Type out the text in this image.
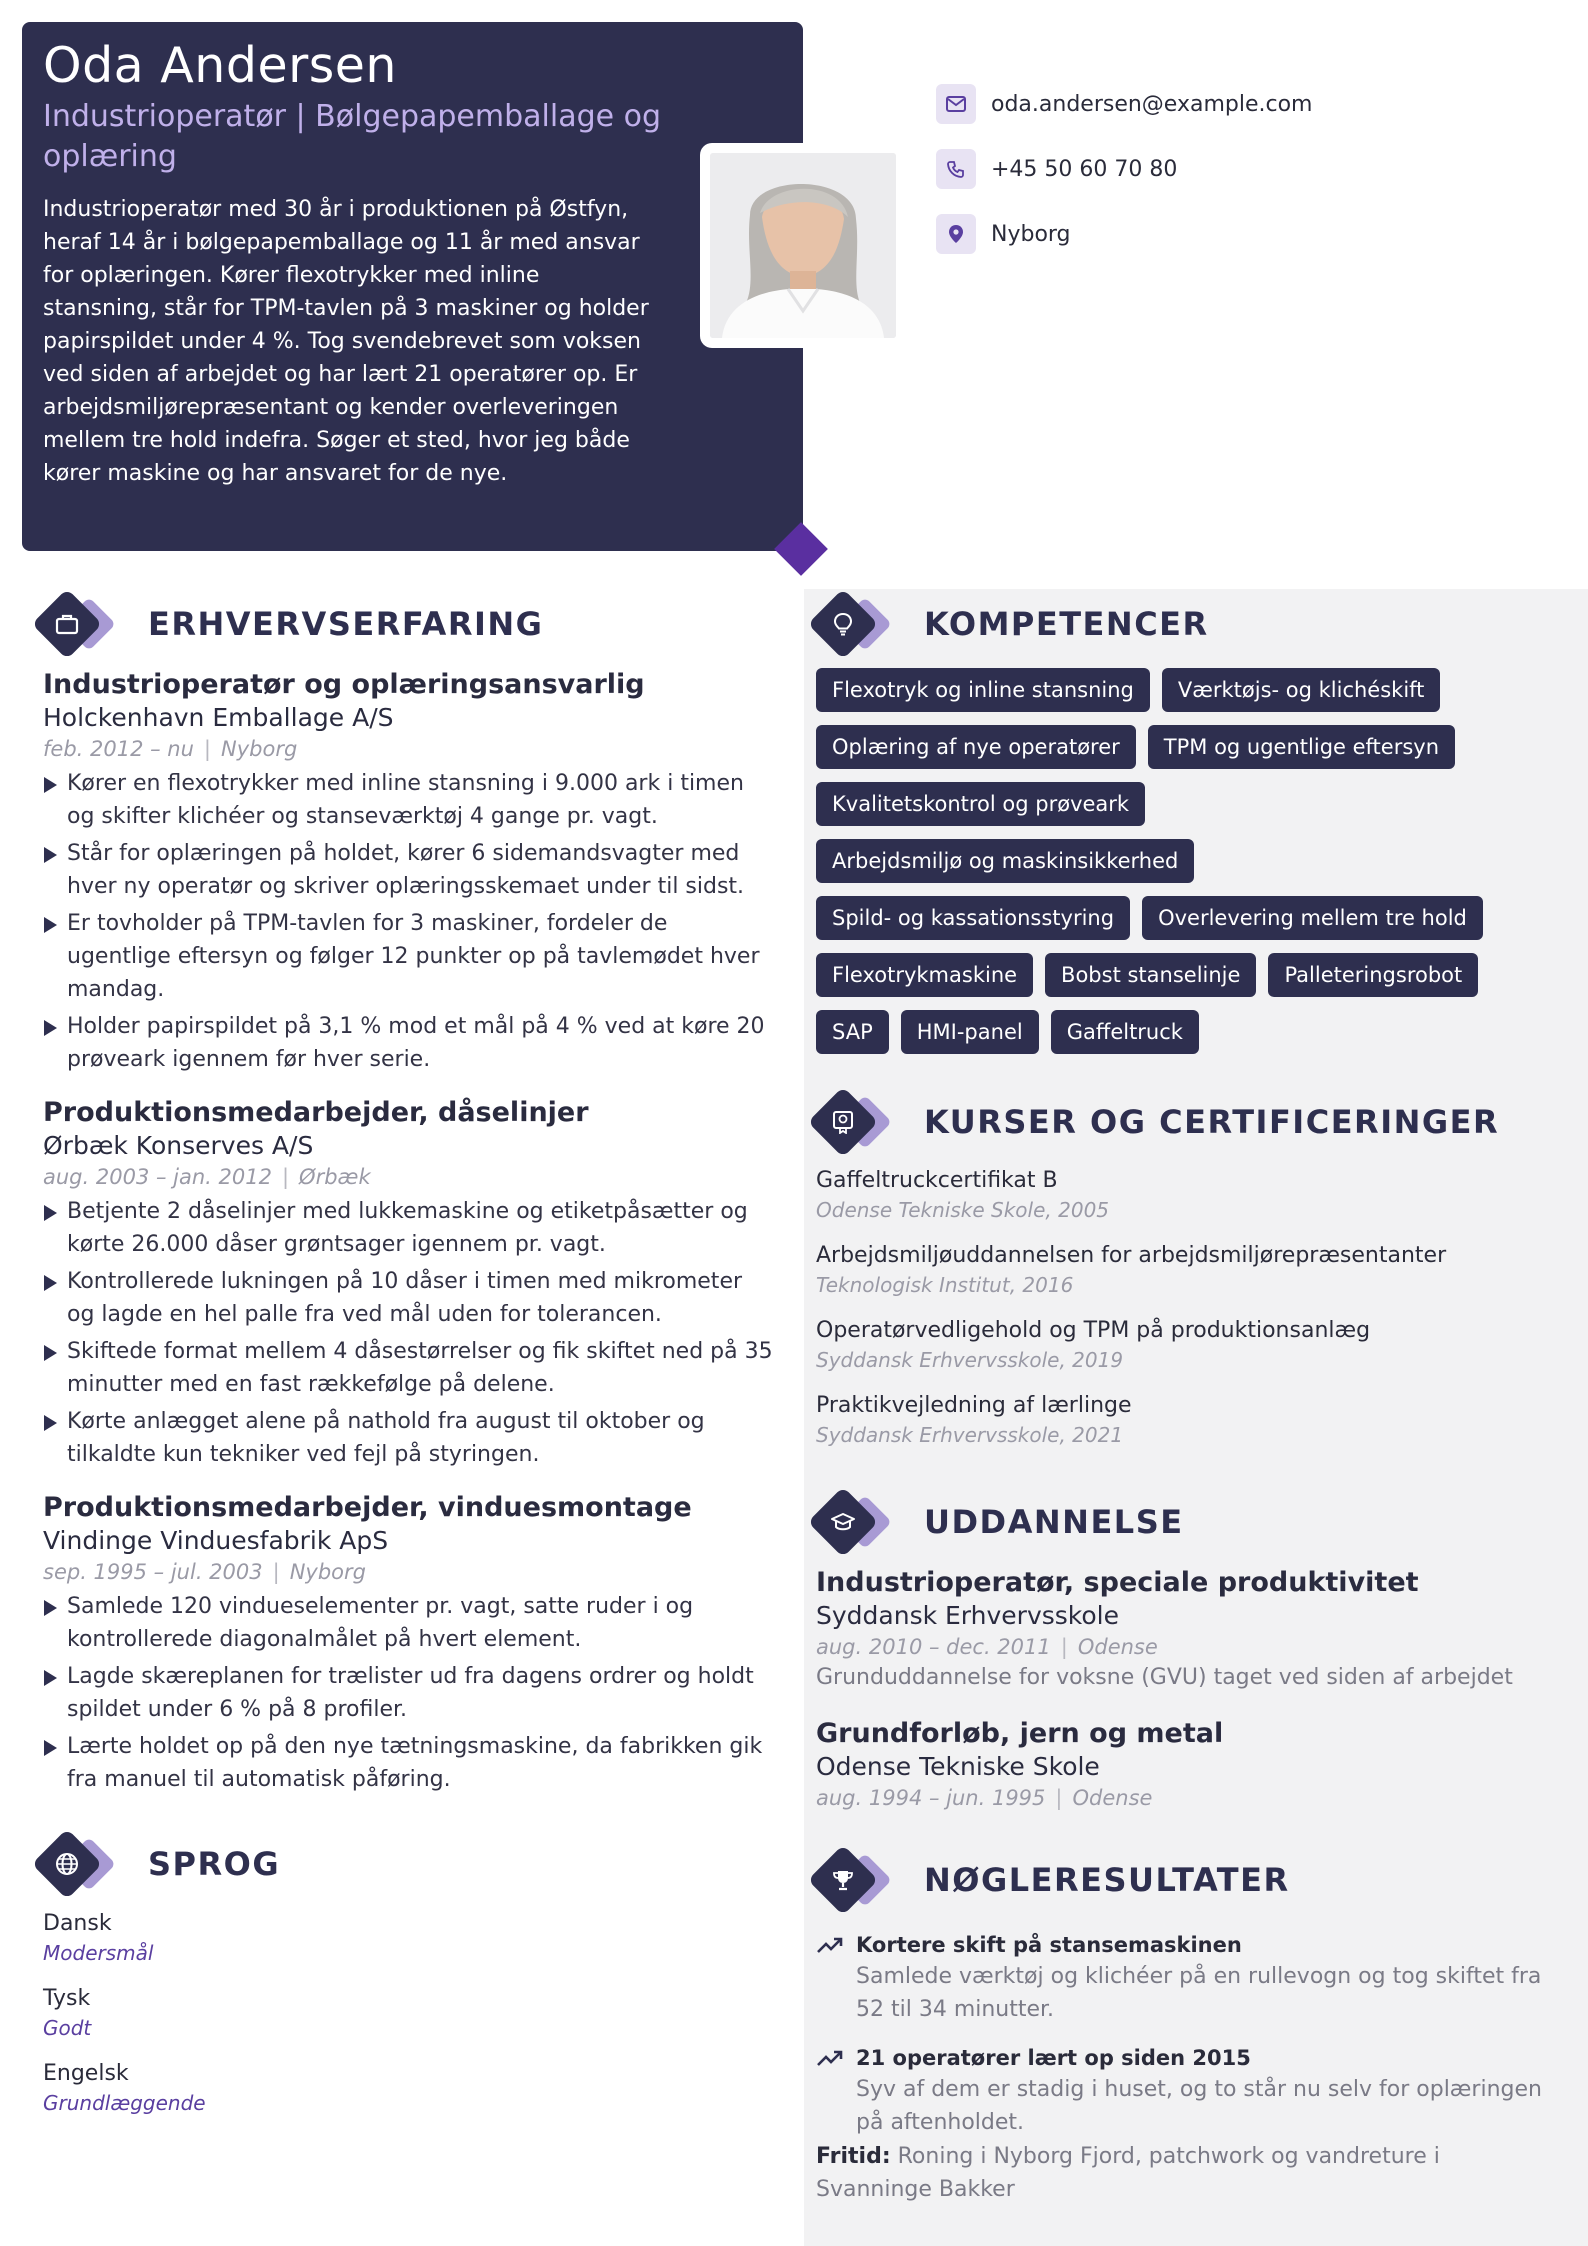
Oda Andersen
Industrioperatør | Bølgepapemballage og oplæring
Industrioperatør med 30 år i produktionen på Østfyn, heraf 14 år i bølgepapemballage og 11 år med ansvar for oplæringen. Kører flexotrykker med inline stansning, står for TPM-tavlen på 3 maskiner og holder papirspildet under 4 %. Tog svendebrevet som voksen ved siden af arbejdet og har lært 21 operatører op. Er arbejdsmiljørepræsentant og kender overleveringen mellem tre hold indefra. Søger et sted, hvor jeg både kører maskine og har ansvaret for de nye.
oda.andersen@example.com
+45 50 60 70 80
Nyborg
ERHVERVSERFARING
Industrioperatør og oplæringsansvarlig
Holckenhavn Emballage A/S
feb. 2012 – nu | Nyborg
Kører en flexotrykker med inline stansning i 9.000 ark i timen og skifter klichéer og stanseværktøj 4 gange pr. vagt.
Står for oplæringen på holdet, kører 6 sidemandsvagter med hver ny operatør og skriver oplæringsskemaet under til sidst.
Er tovholder på TPM-tavlen for 3 maskiner, fordeler de ugentlige eftersyn og følger 12 punkter op på tavlemødet hver mandag.
Holder papirspildet på 3,1 % mod et mål på 4 % ved at køre 20 prøveark igennem før hver serie.
Produktionsmedarbejder, dåselinjer
Ørbæk Konserves A/S
aug. 2003 – jan. 2012 | Ørbæk
Betjente 2 dåselinjer med lukkemaskine og etiketpåsætter og kørte 26.000 dåser grøntsager igennem pr. vagt.
Kontrollerede lukningen på 10 dåser i timen med mikrometer og lagde en hel palle fra ved mål uden for tolerancen.
Skiftede format mellem 4 dåsestørrelser og fik skiftet ned på 35 minutter med en fast rækkefølge på delene.
Kørte anlægget alene på nathold fra august til oktober og tilkaldte kun tekniker ved fejl på styringen.
Produktionsmedarbejder, vinduesmontage
Vindinge Vinduesfabrik ApS
sep. 1995 – jul. 2003 | Nyborg
Samlede 120 vindueselementer pr. vagt, satte ruder i og kontrollerede diagonalmålet på hvert element.
Lagde skæreplanen for trælister ud fra dagens ordrer og holdt spildet under 6 % på 8 profiler.
Lærte holdet op på den nye tætningsmaskine, da fabrikken gik fra manuel til automatisk påføring.
SPROG
Dansk
Modersmål
Tysk
Godt
Engelsk
Grundlæggende
KOMPETENCER
Flexotryk og inline stansning	Værktøjs- og klichéskift
Oplæring af nye operatører	TPM og ugentlige eftersyn
Kvalitetskontrol og prøveark
Arbejdsmiljø og maskinsikkerhed
Spild- og kassationsstyring	Overlevering mellem tre hold
Flexotrykmaskine	Bobst stanselinje	Palleteringsrobot
SAP	HMI-panel	Gaffeltruck
KURSER OG CERTIFICERINGER
Gaffeltruckcertifikat B
Odense Tekniske Skole, 2005
Arbejdsmiljøuddannelsen for arbejdsmiljørepræsentanter
Teknologisk Institut, 2016
Operatørvedligehold og TPM på produktionsanlæg
Syddansk Erhvervsskole, 2019
Praktikvejledning af lærlinge
Syddansk Erhvervsskole, 2021
UDDANNELSE
Industrioperatør, speciale produktivitet
Syddansk Erhvervsskole
aug. 2010 – dec. 2011 | Odense
Grunduddannelse for voksne (GVU) taget ved siden af arbejdet
Grundforløb, jern og metal
Odense Tekniske Skole
aug. 1994 – jun. 1995 | Odense
NØGLERESULTATER
Kortere skift på stansemaskinen
Samlede værktøj og klichéer på en rullevogn og tog skiftet fra 52 til 34 minutter.
21 operatører lært op siden 2015
Syv af dem er stadig i huset, og to står nu selv for oplæringen på aftenholdet.
Fritid: Roning i Nyborg Fjord, patchwork og vandreture i Svanninge Bakker
